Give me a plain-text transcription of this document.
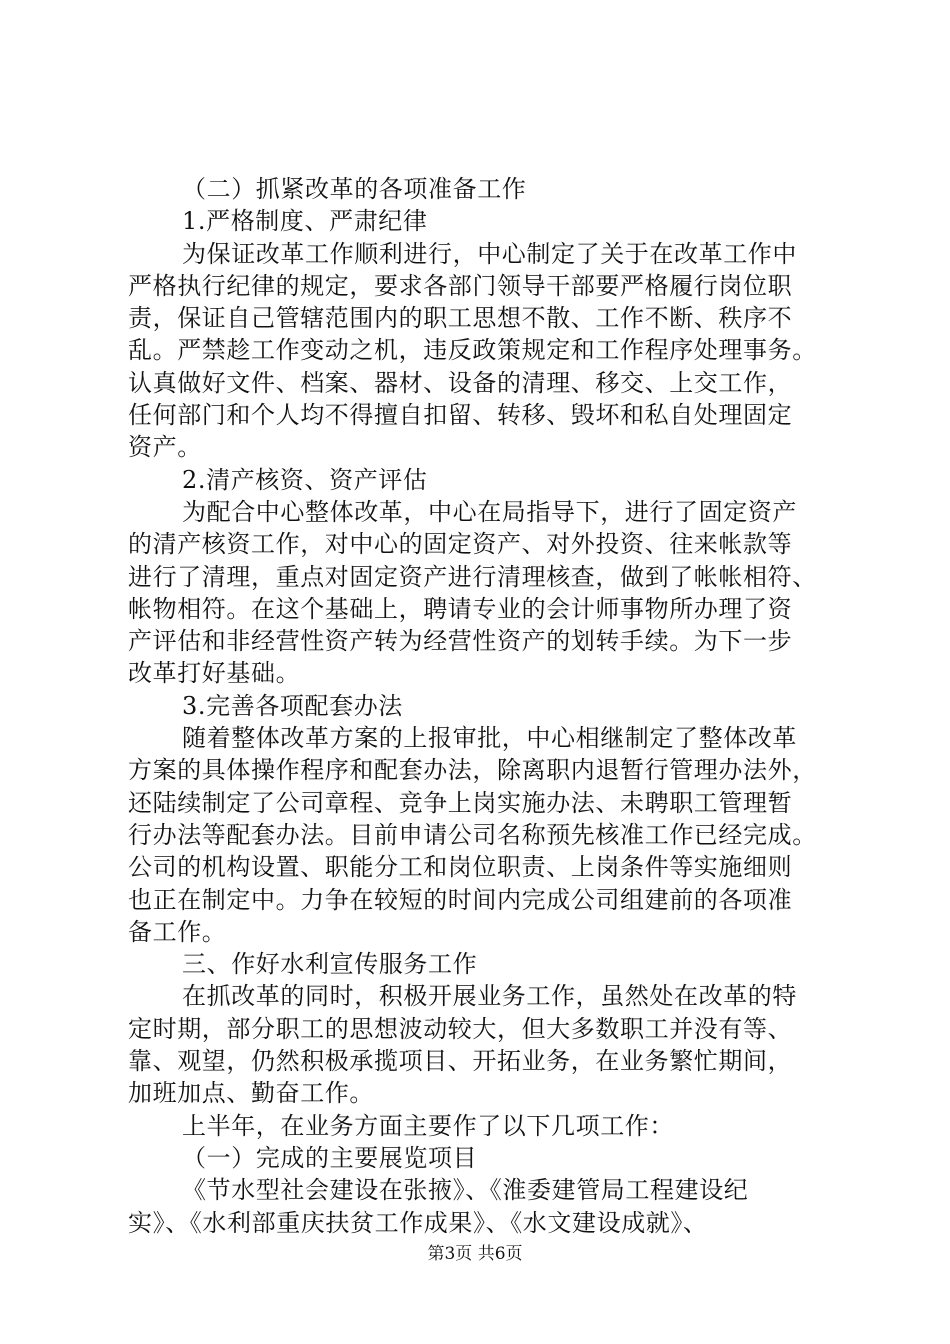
（二）抓紧改革的各项准备工作
1.严格制度、严肃纪律
为保证改革工作顺利进行，中心制定了关于在改革工作中
严格执行纪律的规定，要求各部门领导干部要严格履行岗位职
责，保证自己管辖范围内的职工思想不散、工作不断、秩序不
乱。严禁趁工作变动之机，违反政策规定和工作程序处理事务。
认真做好文件、档案、器材、设备的清理、移交、上交工作，
任何部门和个人均不得擅自扣留、转移、毁坏和私自处理固定
资产。
2.清产核资、资产评估
为配合中心整体改革，中心在局指导下，进行了固定资产
的清产核资工作，对中心的固定资产、对外投资、往来帐款等
进行了清理，重点对固定资产进行清理核查，做到了帐帐相符、
帐物相符。在这个基础上，聘请专业的会计师事物所办理了资
产评估和非经营性资产转为经营性资产的划转手续。为下一步
改革打好基础。
3.完善各项配套办法
随着整体改革方案的上报审批，中心相继制定了整体改革
方案的具体操作程序和配套办法，除离职内退暂行管理办法外，
还陆续制定了公司章程、竞争上岗实施办法、未聘职工管理暂
行办法等配套办法。目前申请公司名称预先核准工作已经完成。
公司的机构设置、职能分工和岗位职责、上岗条件等实施细则
也正在制定中。力争在较短的时间内完成公司组建前的各项准
备工作。
三、作好水利宣传服务工作
在抓改革的同时，积极开展业务工作，虽然处在改革的特
定时期，部分职工的思想波动较大，但大多数职工并没有等、
靠、观望，仍然积极承揽项目、开拓业务，在业务繁忙期间，
加班加点、勤奋工作。
上半年，在业务方面主要作了以下几项工作：
（一）完成的主要展览项目
《节水型社会建设在张掖》、《淮委建管局工程建设纪
实》、《水利部重庆扶贫工作成果》、《水文建设成就》、
第3页 共6页
